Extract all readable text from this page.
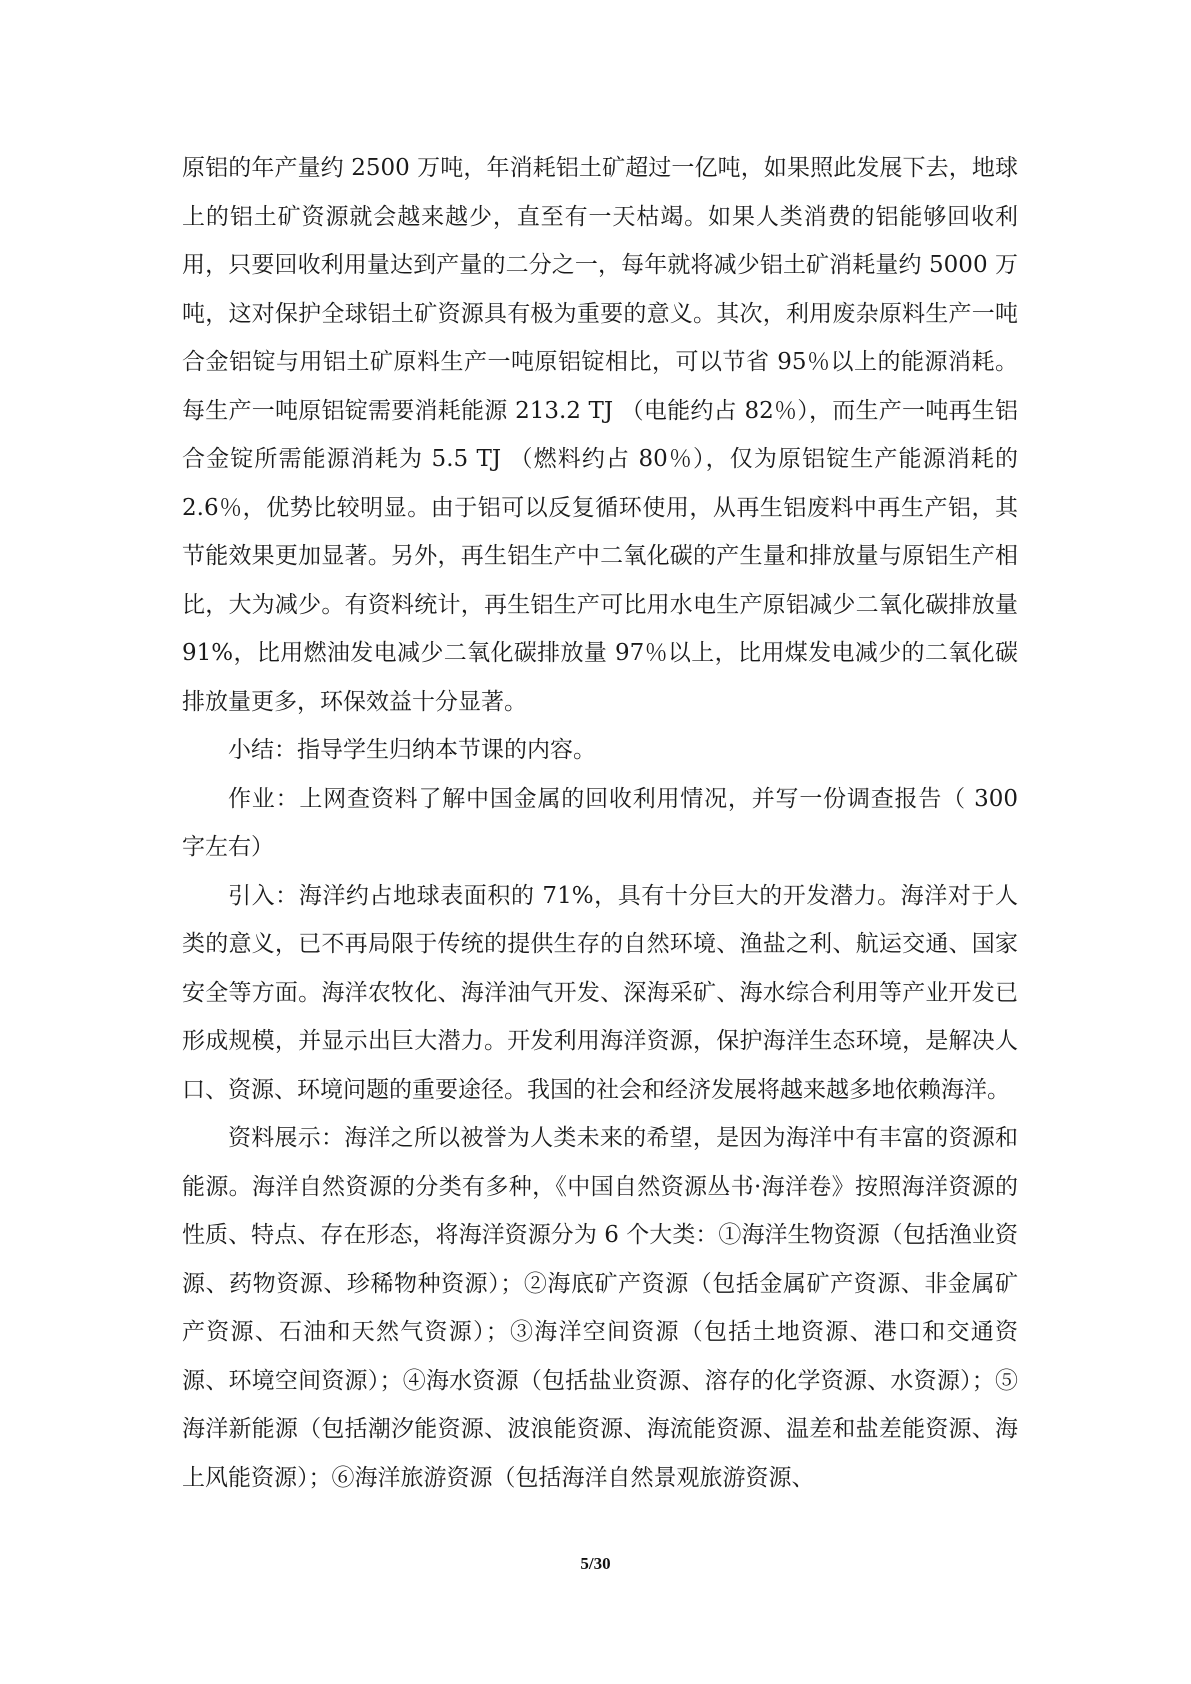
原铝的年产量约 2500 万吨，年消耗铝土矿超过一亿吨，如果照此发展下去，地球上的铝土矿资源就会越来越少，直至有一天枯竭。如果人类消费的铝能够回收利用，只要回收利用量达到产量的二分之一，每年就将减少铝土矿消耗量约 5000 万吨，这对保护全球铝土矿资源具有极为重要的意义。其次，利用废杂原料生产一吨合金铝锭与用铝土矿原料生产一吨原铝锭相比，可以节省 95％以上的能源消耗。每生产一吨原铝锭需要消耗能源 213.2 TJ （电能约占 82％），而生产一吨再生铝合金锭所需能源消耗为 5.5 TJ （燃料约占 80％），仅为原铝锭生产能源消耗的 2.6％，优势比较明显。由于铝可以反复循环使用，从再生铝废料中再生产铝，其节能效果更加显著。另外，再生铝生产中二氧化碳的产生量和排放量与原铝生产相比，大为减少。有资料统计，再生铝生产可比用水电生产原铝减少二氧化碳排放量 91%，比用燃油发电减少二氧化碳排放量 97％以上，比用煤发电减少的二氧化碳排放量更多，环保效益十分显著。

小结：指导学生归纳本节课的内容。

作业：上网查资料了解中国金属的回收利用情况，并写一份调查报告（ 300 字左右）

引入：海洋约占地球表面积的 71%，具有十分巨大的开发潜力。海洋对于人类的意义，已不再局限于传统的提供生存的自然环境、渔盐之利、航运交通、国家安全等方面。海洋农牧化、海洋油气开发、深海采矿、海水综合利用等产业开发已形成规模，并显示出巨大潜力。开发利用海洋资源，保护海洋生态环境，是解决人口、资源、环境问题的重要途径。我国的社会和经济发展将越来越多地依赖海洋。

资料展示：海洋之所以被誉为人类未来的希望，是因为海洋中有丰富的资源和能源。海洋自然资源的分类有多种，《中国自然资源丛书·海洋卷》按照海洋资源的性质、特点、存在形态，将海洋资源分为 6 个大类：①海洋生物资源（包括渔业资源、药物资源、珍稀物种资源）；②海底矿产资源（包括金属矿产资源、非金属矿产资源、石油和天然气资源）；③海洋空间资源（包括土地资源、港口和交通资源、环境空间资源）；④海水资源（包括盐业资源、溶存的化学资源、水资源）；⑤海洋新能源（包括潮汐能资源、波浪能资源、海流能资源、温差和盐差能资源、海上风能资源）；⑥海洋旅游资源（包括海洋自然景观旅游资源、

5/30
